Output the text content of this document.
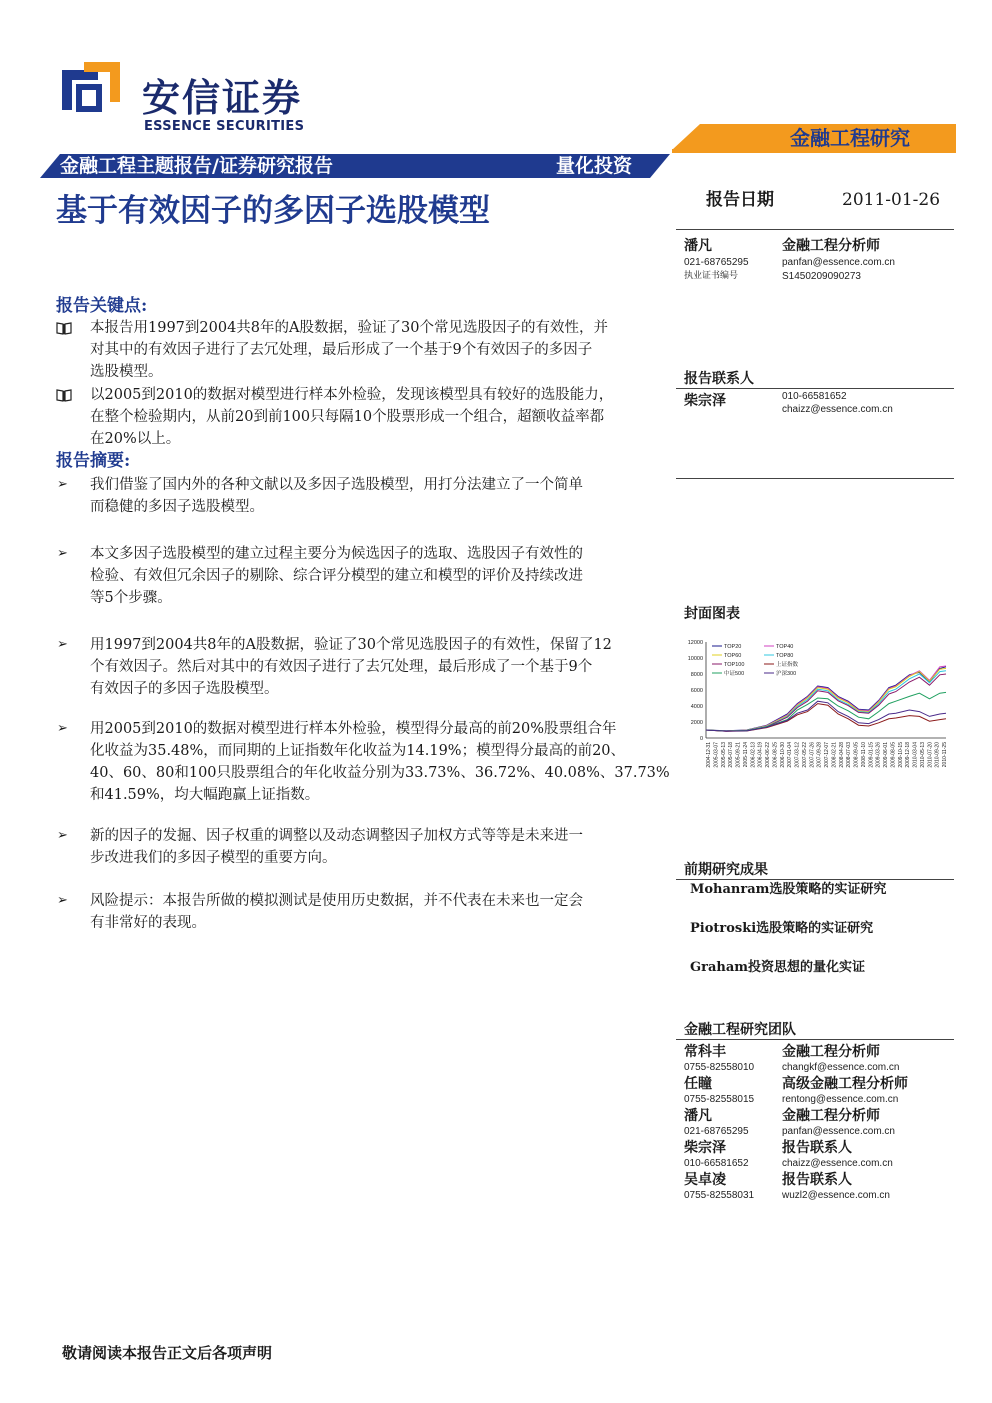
安信证券
ESSENCE SECURITIES	金融工程研究
金融工程主题报告/证券研究报告	量化投资
基于有效因子的多因子选股模型	报告日期	2011-01-26
潘凡	金融工程分析师
021-68765295	panfan@essence.com.cn
执业证书编号	S1450209090273
报告联系人
柴宗泽	010-66581652
chaizz@essence.com.cn
封面图表
0
2000
4000
6000
8000
10000
12000
TOP20	TOP40
TOP60	TOP80
TOP100	上证指数
中证500	沪深300
2004-12-31 2005-03-07 2005-05-13 2005-07-18 2005-09-21 2005-11-24 2006-02-13 2006-04-19 2006-06-22 2006-08-25 2006-10-30 2007-01-04 2007-03-12 2007-05-22 2007-07-26 2007-09-28 2007-12-07 2008-02-21 2008-04-28 2008-07-03 2008-09-05 2008-11-10 2009-01-15 2009-03-26 2009-06-01 2009-08-05 2009-10-15 2009-12-18 2010-03-04 2010-05-13 2010-07-20 2010-09-20 2010-11-25
前期研究成果
Mohanram选股策略的实证研究
Piotroski选股策略的实证研究
Graham投资思想的量化实证
金融工程研究团队
常科丰	金融工程分析师
0755-82558010	changkf@essence.com.cn
任瞳	高级金融工程分析师
0755-82558015	rentong@essence.com.cn
潘凡	金融工程分析师
021-68765295	panfan@essence.com.cn
柴宗泽	报告联系人
010-66581652	chaizz@essence.com.cn
吴卓凌	报告联系人
0755-82558031	wuzl2@essence.com.cn
报告关键点:
本报告用1997到2004共8年的A股数据，验证了30个常见选股因子的有效性，并
对其中的有效因子进行了去冗处理，最后形成了一个基于9个有效因子的多因子
选股模型。
以2005到2010的数据对模型进行样本外检验，发现该模型具有较好的选股能力，
在整个检验期内，从前20到前100只每隔10个股票形成一个组合，超额收益率都
在20%以上。
报告摘要:
➢ 我们借鉴了国内外的各种文献以及多因子选股模型，用打分法建立了一个简单
而稳健的多因子选股模型。
➢ 本文多因子选股模型的建立过程主要分为候选因子的选取、选股因子有效性的
检验、有效但冗余因子的剔除、综合评分模型的建立和模型的评价及持续改进
等5个步骤。
➢ 用1997到2004共8年的A股数据，验证了30个常见选股因子的有效性，保留了12
个有效因子。然后对其中的有效因子进行了去冗处理，最后形成了一个基于9个
有效因子的多因子选股模型。
➢ 用2005到2010的数据对模型进行样本外检验，模型得分最高的前20%股票组合年
化收益为35.48%，而同期的上证指数年化收益为14.19%；模型得分最高的前20、
40、60、80和100只股票组合的年化收益分别为33.73%、36.72%、40.08%、37.73%
和41.59%，均大幅跑赢上证指数。
➢ 新的因子的发掘、因子权重的调整以及动态调整因子加权方式等等是未来进一
步改进我们的多因子模型的重要方向。
➢ 风险提示：本报告所做的模拟测试是使用历史数据，并不代表在未来也一定会
有非常好的表现。
敬请阅读本报告正文后各项声明
